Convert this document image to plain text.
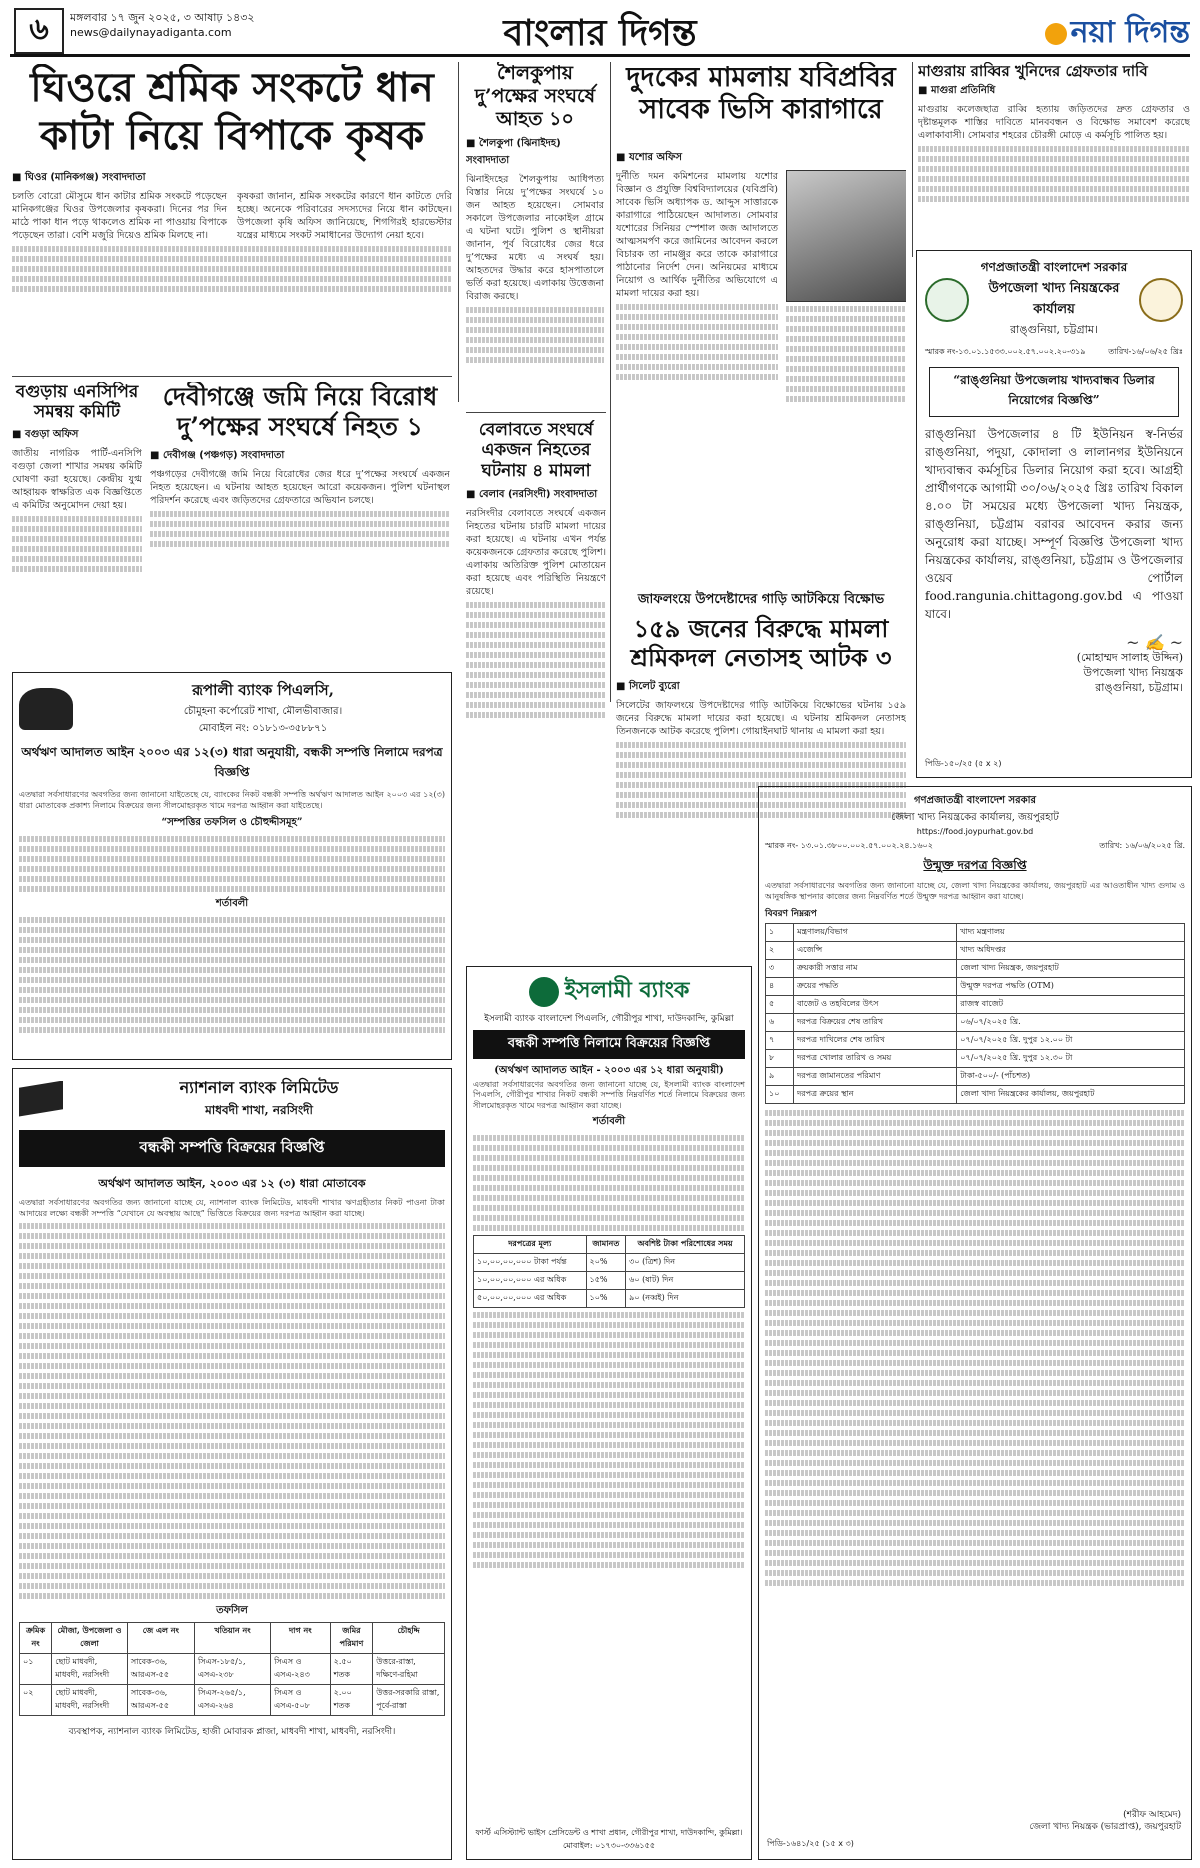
৬	মঙ্গলবার ১৭ জুন ২০২৫, ৩ আষাঢ় ১৪৩২
news@dailynayadiganta.com	বাংলার দিগন্ত	নয়া দিগন্ত
ঘিওরে শ্রমিক সংকটে ধান কাটা নিয়ে বিপাকে কৃষক
■ ঘিওর (মানিকগঞ্জ) সংবাদদাতা
চলতি বোরো মৌসুমে ধান কাটার শ্রমিক সংকটে পড়েছেন মানিকগঞ্জের ঘিওর উপজেলার কৃষকরা। দিনের পর দিন মাঠে পাকা ধান পড়ে থাকলেও শ্রমিক না পাওয়ায় বিপাকে পড়েছেন তারা। বেশি মজুরি দিয়েও শ্রমিক মিলছে না।
কৃষকরা জানান, শ্রমিক সংকটের কারণে ধান কাটতে দেরি হচ্ছে। অনেকে পরিবারের সদস্যদের নিয়ে ধান কাটছেন। উপজেলা কৃষি অফিস জানিয়েছে, শিগগিরই হারভেস্টার যন্ত্রের মাধ্যমে সংকট সমাধানের উদ্যোগ নেয়া হবে।
শৈলকুপায় দু’পক্ষের সংঘর্ষে আহত ১০
■ শৈলকুপা (ঝিনাইদহ) সংবাদদাতা
ঝিনাইদহের শৈলকুপায় আধিপত্য বিস্তার নিয়ে দু’পক্ষের সংঘর্ষে ১০ জন আহত হয়েছেন। সোমবার সকালে উপজেলার নাকোইল গ্রামে এ ঘটনা ঘটে। পুলিশ ও স্থানীয়রা জানান, পূর্ব বিরোধের জের ধরে দু’পক্ষের মধ্যে এ সংঘর্ষ হয়। আহতদের উদ্ধার করে হাসপাতালে ভর্তি করা হয়েছে। এলাকায় উত্তেজনা বিরাজ করছে।
দুদকের মামলায় যবিপ্রবির সাবেক ভিসি কারাগারে
■ যশোর অফিস
দুর্নীতি দমন কমিশনের মামলায় যশোর বিজ্ঞান ও প্রযুক্তি বিশ্ববিদ্যালয়ের (যবিপ্রবি) সাবেক ভিসি অধ্যাপক ড. আব্দুস সাত্তারকে কারাগারে পাঠিয়েছেন আদালত। সোমবার যশোরের সিনিয়র স্পেশাল জজ আদালতে আত্মসমর্পণ করে জামিনের আবেদন করলে বিচারক তা নামঞ্জুর করে তাকে কারাগারে পাঠানোর নির্দেশ দেন। অনিয়মের মাধ্যমে নিয়োগ ও আর্থিক দুর্নীতির অভিযোগে এ মামলা দায়ের করা হয়।
মাগুরায় রাব্বির খুনিদের গ্রেফতার দাবি
■ মাগুরা প্রতিনিধি
মাগুরায় কলেজছাত্র রাব্বি হত্যায় জড়িতদের দ্রুত গ্রেফতার ও দৃষ্টান্তমূলক শাস্তির দাবিতে মানববন্ধন ও বিক্ষোভ সমাবেশ করেছে এলাকাবাসী। সোমবার শহরের চৌরঙ্গী মোড়ে এ কর্মসূচি পালিত হয়।
গণপ্রজাতন্ত্রী বাংলাদেশ সরকার
উপজেলা খাদ্য নিয়ন্ত্রকের কার্যালয়
রাঙ্গুনিয়া, চট্টগ্রাম।
স্মারক নং-১৩.০১.১৫৩৩.০০২.৫৭.০০২.২০-৩১৯	তারিখ-১৬/০৬/২৫ খ্রিঃ
“রাঙ্গুনিয়া উপজেলায় খাদ্যবান্ধব ডিলার নিয়োগের বিজ্ঞপ্তি”
রাঙ্গুনিয়া উপজেলার ৪ টি ইউনিয়ন স্ব-নির্ভর রাঙ্গুনিয়া, পদুয়া, কোদালা ও লালানগর ইউনিয়নে খাদ্যবান্ধব কর্মসূচির ডিলার নিয়োগ করা হবে। আগ্রহী প্রার্থীগণকে আগামী ৩০/০৬/২০২৫ খ্রিঃ তারিখ বিকাল ৪.০০ টা সময়ের মধ্যে উপজেলা খাদ্য নিয়ন্ত্রক, রাঙ্গুনিয়া, চট্টগ্রাম বরাবর আবেদন করার জন্য অনুরোধ করা যাচ্ছে। সম্পূর্ণ বিজ্ঞপ্তি উপজেলা খাদ্য নিয়ন্ত্রকের কার্যালয়, রাঙ্গুনিয়া, চট্টগ্রাম ও উপজেলার ওয়েব পোর্টাল food.rangunia.chittagong.gov.bd এ পাওয়া যাবে।
~ ✍ ~
(মোহাম্মদ সালাহ উদ্দিন)
উপজেলা খাদ্য নিয়ন্ত্রক
রাঙ্গুনিয়া, চট্টগ্রাম।
পিডি-১৫০/২৫ (৫ x ২)
বগুড়ায় এনসিপির সমন্বয় কমিটি
■ বগুড়া অফিস
জাতীয় নাগরিক পার্টি-এনসিপি বগুড়া জেলা শাখার সমন্বয় কমিটি ঘোষণা করা হয়েছে। কেন্দ্রীয় যুগ্ম আহ্বায়ক স্বাক্ষরিত এক বিজ্ঞপ্তিতে এ কমিটির অনুমোদন দেয়া হয়।
দেবীগঞ্জে জমি নিয়ে বিরোধ দু’পক্ষের সংঘর্ষে নিহত ১
■ দেবীগঞ্জ (পঞ্চগড়) সংবাদদাতা
পঞ্চগড়ের দেবীগঞ্জে জমি নিয়ে বিরোধের জের ধরে দু’পক্ষের সংঘর্ষে একজন নিহত হয়েছেন। এ ঘটনায় আহত হয়েছেন আরো কয়েকজন। পুলিশ ঘটনাস্থল পরিদর্শন করেছে এবং জড়িতদের গ্রেফতারে অভিযান চলছে।
বেলাবতে সংঘর্ষে একজন নিহতের ঘটনায় ৪ মামলা
■ বেলাব (নরসিংদী) সংবাদদাতা
নরসিংদীর বেলাবতে সংঘর্ষে একজন নিহতের ঘটনায় চারটি মামলা দায়ের করা হয়েছে। এ ঘটনায় এখন পর্যন্ত কয়েকজনকে গ্রেফতার করেছে পুলিশ। এলাকায় অতিরিক্ত পুলিশ মোতায়েন করা হয়েছে এবং পরিস্থিতি নিয়ন্ত্রণে রয়েছে।
জাফলংয়ে উপদেষ্টাদের গাড়ি আটকিয়ে বিক্ষোভ
১৫৯ জনের বিরুদ্ধে মামলা শ্রমিকদল নেতাসহ আটক ৩
■ সিলেট ব্যুরো
সিলেটের জাফলংয়ে উপদেষ্টাদের গাড়ি আটকিয়ে বিক্ষোভের ঘটনায় ১৫৯ জনের বিরুদ্ধে মামলা দায়ের করা হয়েছে। এ ঘটনায় শ্রমিকদল নেতাসহ তিনজনকে আটক করেছে পুলিশ। গোয়াইনঘাট থানায় এ মামলা করা হয়।
রূপালী ব্যাংক পিএলসি,
চৌমুহনা কর্পোরেট শাখা, মৌলভীবাজার।
মোবাইল নং: ০১৮১৩-৩৫৮৮৭১
অর্থঋণ আদালত আইন ২০০৩ এর ১২(৩) ধারা অনুযায়ী, বন্ধকী সম্পত্তি নিলামে দরপত্র বিজ্ঞপ্তি
এতদ্বারা সর্বসাধারণের অবগতির জন্য জানানো যাইতেছে যে, ব্যাংকের নিকট বন্ধকী সম্পত্তি অর্থঋণ আদালত আইন ২০০৩ এর ১২(৩) ধারা মোতাবেক প্রকাশ্য নিলামে বিক্রয়ের জন্য সীলমোহরকৃত খামে দরপত্র আহ্বান করা যাইতেছে।
“সম্পত্তির তফসিল ও চৌহুদ্দীসমূহ”
শর্তাবলী
গণপ্রজাতন্ত্রী বাংলাদেশ সরকার
জেলা খাদ্য নিয়ন্ত্রকের কার্যালয়, জয়পুরহাট
https://food.joypurhat.gov.bd
স্মারক নং- ১৩.০১.৩৮০০.০০২.৫৭.০০২.২৪.১৬০২	তারিখ: ১৬/০৬/২০২৫ খ্রি.
উন্মুক্ত দরপত্র বিজ্ঞপ্তি
এতদ্বারা সর্বসাধারণের অবগতির জন্য জানানো যাচ্ছে যে, জেলা খাদ্য নিয়ন্ত্রকের কার্যালয়, জয়পুরহাট এর আওতাধীন খাদ্য গুদাম ও আনুষঙ্গিক স্থাপনার কাজের জন্য নিম্নবর্ণিত শর্তে উন্মুক্ত দরপত্র আহ্বান করা যাচ্ছে।
বিবরণ নিম্নরূপ
১	মন্ত্রণালয়/বিভাগ	খাদ্য মন্ত্রণালয়
২	এজেন্সি	খাদ্য অধিদপ্তর
৩	ক্রয়কারী সত্তার নাম	জেলা খাদ্য নিয়ন্ত্রক, জয়পুরহাট
৪	ক্রয়ের পদ্ধতি	উন্মুক্ত দরপত্র পদ্ধতি (OTM)
৫	বাজেট ও তহবিলের উৎস	রাজস্ব বাজেট
৬	দরপত্র বিক্রয়ের শেষ তারিখ	০৬/০৭/২০২৫ খ্রি.
৭	দরপত্র দাখিলের শেষ তারিখ	০৭/০৭/২০২৫ খ্রি. দুপুর ১২.০০ টা
৮	দরপত্র খোলার তারিখ ও সময়	০৭/০৭/২০২৫ খ্রি. দুপুর ১২.৩০ টা
৯	দরপত্র জামানতের পরিমাণ	টাকা-৫০০/- (পাঁচশত)
১০	দরপত্র ক্রয়ের স্থান	জেলা খাদ্য নিয়ন্ত্রকের কার্যালয়, জয়পুরহাট
(শরীফ আহমেদ)
জেলা খাদ্য নিয়ন্ত্রক (ভারপ্রাপ্ত), জয়পুরহাট
পিডি-১৬৪১/২৫ (১৫ x ৩)
ইসলামী ব্যাংক
ইসলামী ব্যাংক বাংলাদেশ পিএলসি, গৌরীপুর শাখা, দাউদকান্দি, কুমিল্লা
বন্ধকী সম্পত্তি নিলামে বিক্রয়ের বিজ্ঞপ্তি
(অর্থঋণ আদালত আইন - ২০০৩ এর ১২ ধারা অনুযায়ী)
এতদ্বারা সর্বসাধারণের অবগতির জন্য জানানো যাচ্ছে যে, ইসলামী ব্যাংক বাংলাদেশ পিএলসি, গৌরীপুর শাখার নিকট বন্ধকী সম্পত্তি নিম্নবর্ণিত শর্তে নিলামে বিক্রয়ের জন্য সীলমোহরকৃত খামে দরপত্র আহ্বান করা যাচ্ছে।
শর্তাবলী
দরপত্রের মূল্য	জামানত	অবশিষ্ট টাকা পরিশোধের সময়
১০,০০,০০,০০০ টাকা পর্যন্ত	২০%	৩০ (ত্রিশ) দিন
১০,০০,০০,০০০ এর অধিক	১৫%	৬০ (ষাট) দিন
৫০,০০,০০,০০০ এর অধিক	১০%	৯০ (নব্বই) দিন
ফার্স্ট এসিস্ট্যান্ট ভাইস প্রেসিডেন্ট ও শাখা প্রধান, গৌরীপুর শাখা, দাউদকান্দি, কুমিল্লা। মোবাইল: ০১৭৩০-৩৩৬১৫৫
ন্যাশনাল ব্যাংক লিমিটেড
মাধবদী শাখা, নরসিংদী
বন্ধকী সম্পত্তি বিক্রয়ের বিজ্ঞপ্তি
অর্থঋণ আদালত আইন, ২০০৩ এর ১২ (৩) ধারা মোতাবেক
এতদ্বারা সর্বসাধারণের অবগতির জন্য জানানো যাচ্ছে যে, ন্যাশনাল ব্যাংক লিমিটেড, মাধবদী শাখার ঋণগ্রহীতার নিকট পাওনা টাকা আদায়ের লক্ষ্যে বন্ধকী সম্পত্তি “যেখানে যে অবস্থায় আছে” ভিত্তিতে বিক্রয়ের জন্য দরপত্র আহ্বান করা যাচ্ছে।
তফসিল
ক্রমিক নং	মৌজা, উপজেলা ও জেলা	জে এল নং	খতিয়ান নং	দাগ নং	জমির পরিমাণ	চৌহদ্দি
০১	ছোট মাধবদী, মাধবদী, নরসিংদী	সাবেক-৩৬, আরএস-৫৫	সিএস-১৮৫/১, এসএ-২৩৮	সিএস ও এসএ-২৪৩	২.৫০ শতক	উত্তরে-রাস্তা, দক্ষিণে-রহিমা
০২	ছোট মাধবদী, মাধবদী, নরসিংদী	সাবেক-৩৬, আরএস-৫৫	সিএস-২৬৫/১, এসএ-২৬৪	সিএস ও এসএ-৫০৮	২.০০ শতক	উত্তর-সরকারি রাস্তা, পূর্বে-রাস্তা
ব্যবস্থাপক, ন্যাশনাল ব্যাংক লিমিটেড, হাজী মোবারক প্লাজা, মাধবদী শাখা, মাধবদী, নরসিংদী।
